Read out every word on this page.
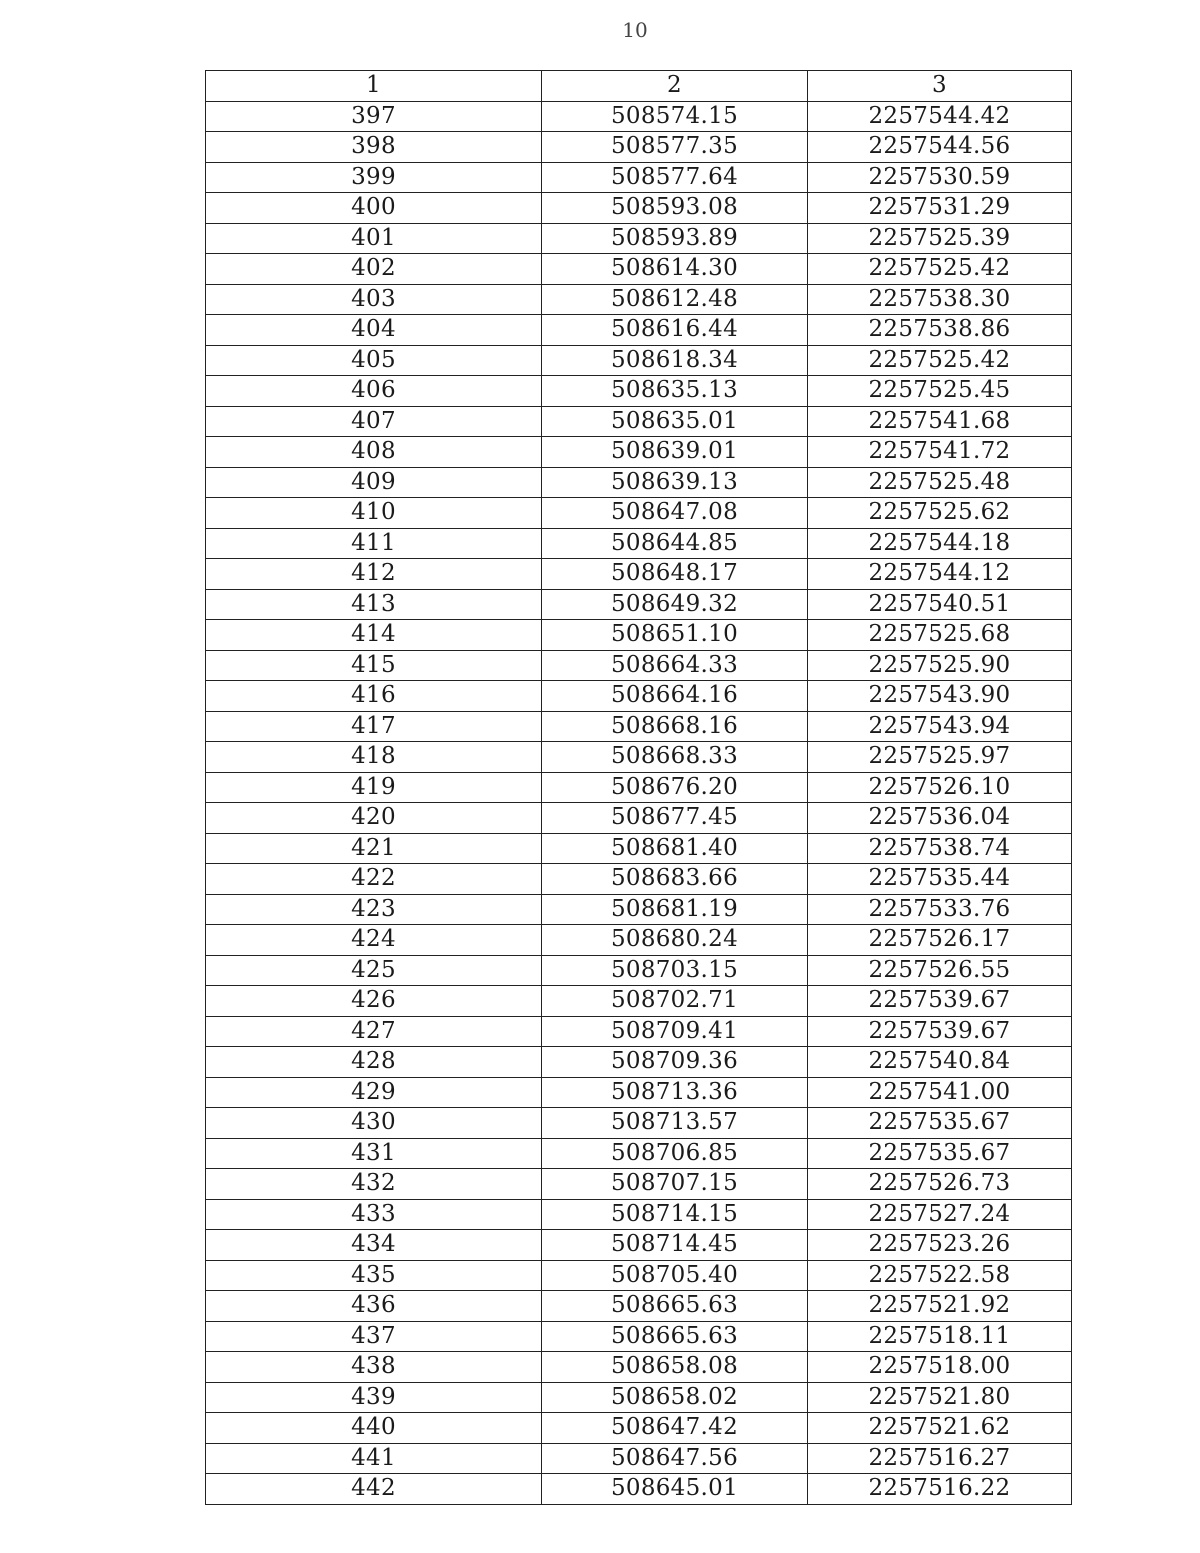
10
1	2	3
397	508574.15	2257544.42
398	508577.35	2257544.56
399	508577.64	2257530.59
400	508593.08	2257531.29
401	508593.89	2257525.39
402	508614.30	2257525.42
403	508612.48	2257538.30
404	508616.44	2257538.86
405	508618.34	2257525.42
406	508635.13	2257525.45
407	508635.01	2257541.68
408	508639.01	2257541.72
409	508639.13	2257525.48
410	508647.08	2257525.62
411	508644.85	2257544.18
412	508648.17	2257544.12
413	508649.32	2257540.51
414	508651.10	2257525.68
415	508664.33	2257525.90
416	508664.16	2257543.90
417	508668.16	2257543.94
418	508668.33	2257525.97
419	508676.20	2257526.10
420	508677.45	2257536.04
421	508681.40	2257538.74
422	508683.66	2257535.44
423	508681.19	2257533.76
424	508680.24	2257526.17
425	508703.15	2257526.55
426	508702.71	2257539.67
427	508709.41	2257539.67
428	508709.36	2257540.84
429	508713.36	2257541.00
430	508713.57	2257535.67
431	508706.85	2257535.67
432	508707.15	2257526.73
433	508714.15	2257527.24
434	508714.45	2257523.26
435	508705.40	2257522.58
436	508665.63	2257521.92
437	508665.63	2257518.11
438	508658.08	2257518.00
439	508658.02	2257521.80
440	508647.42	2257521.62
441	508647.56	2257516.27
442	508645.01	2257516.22
